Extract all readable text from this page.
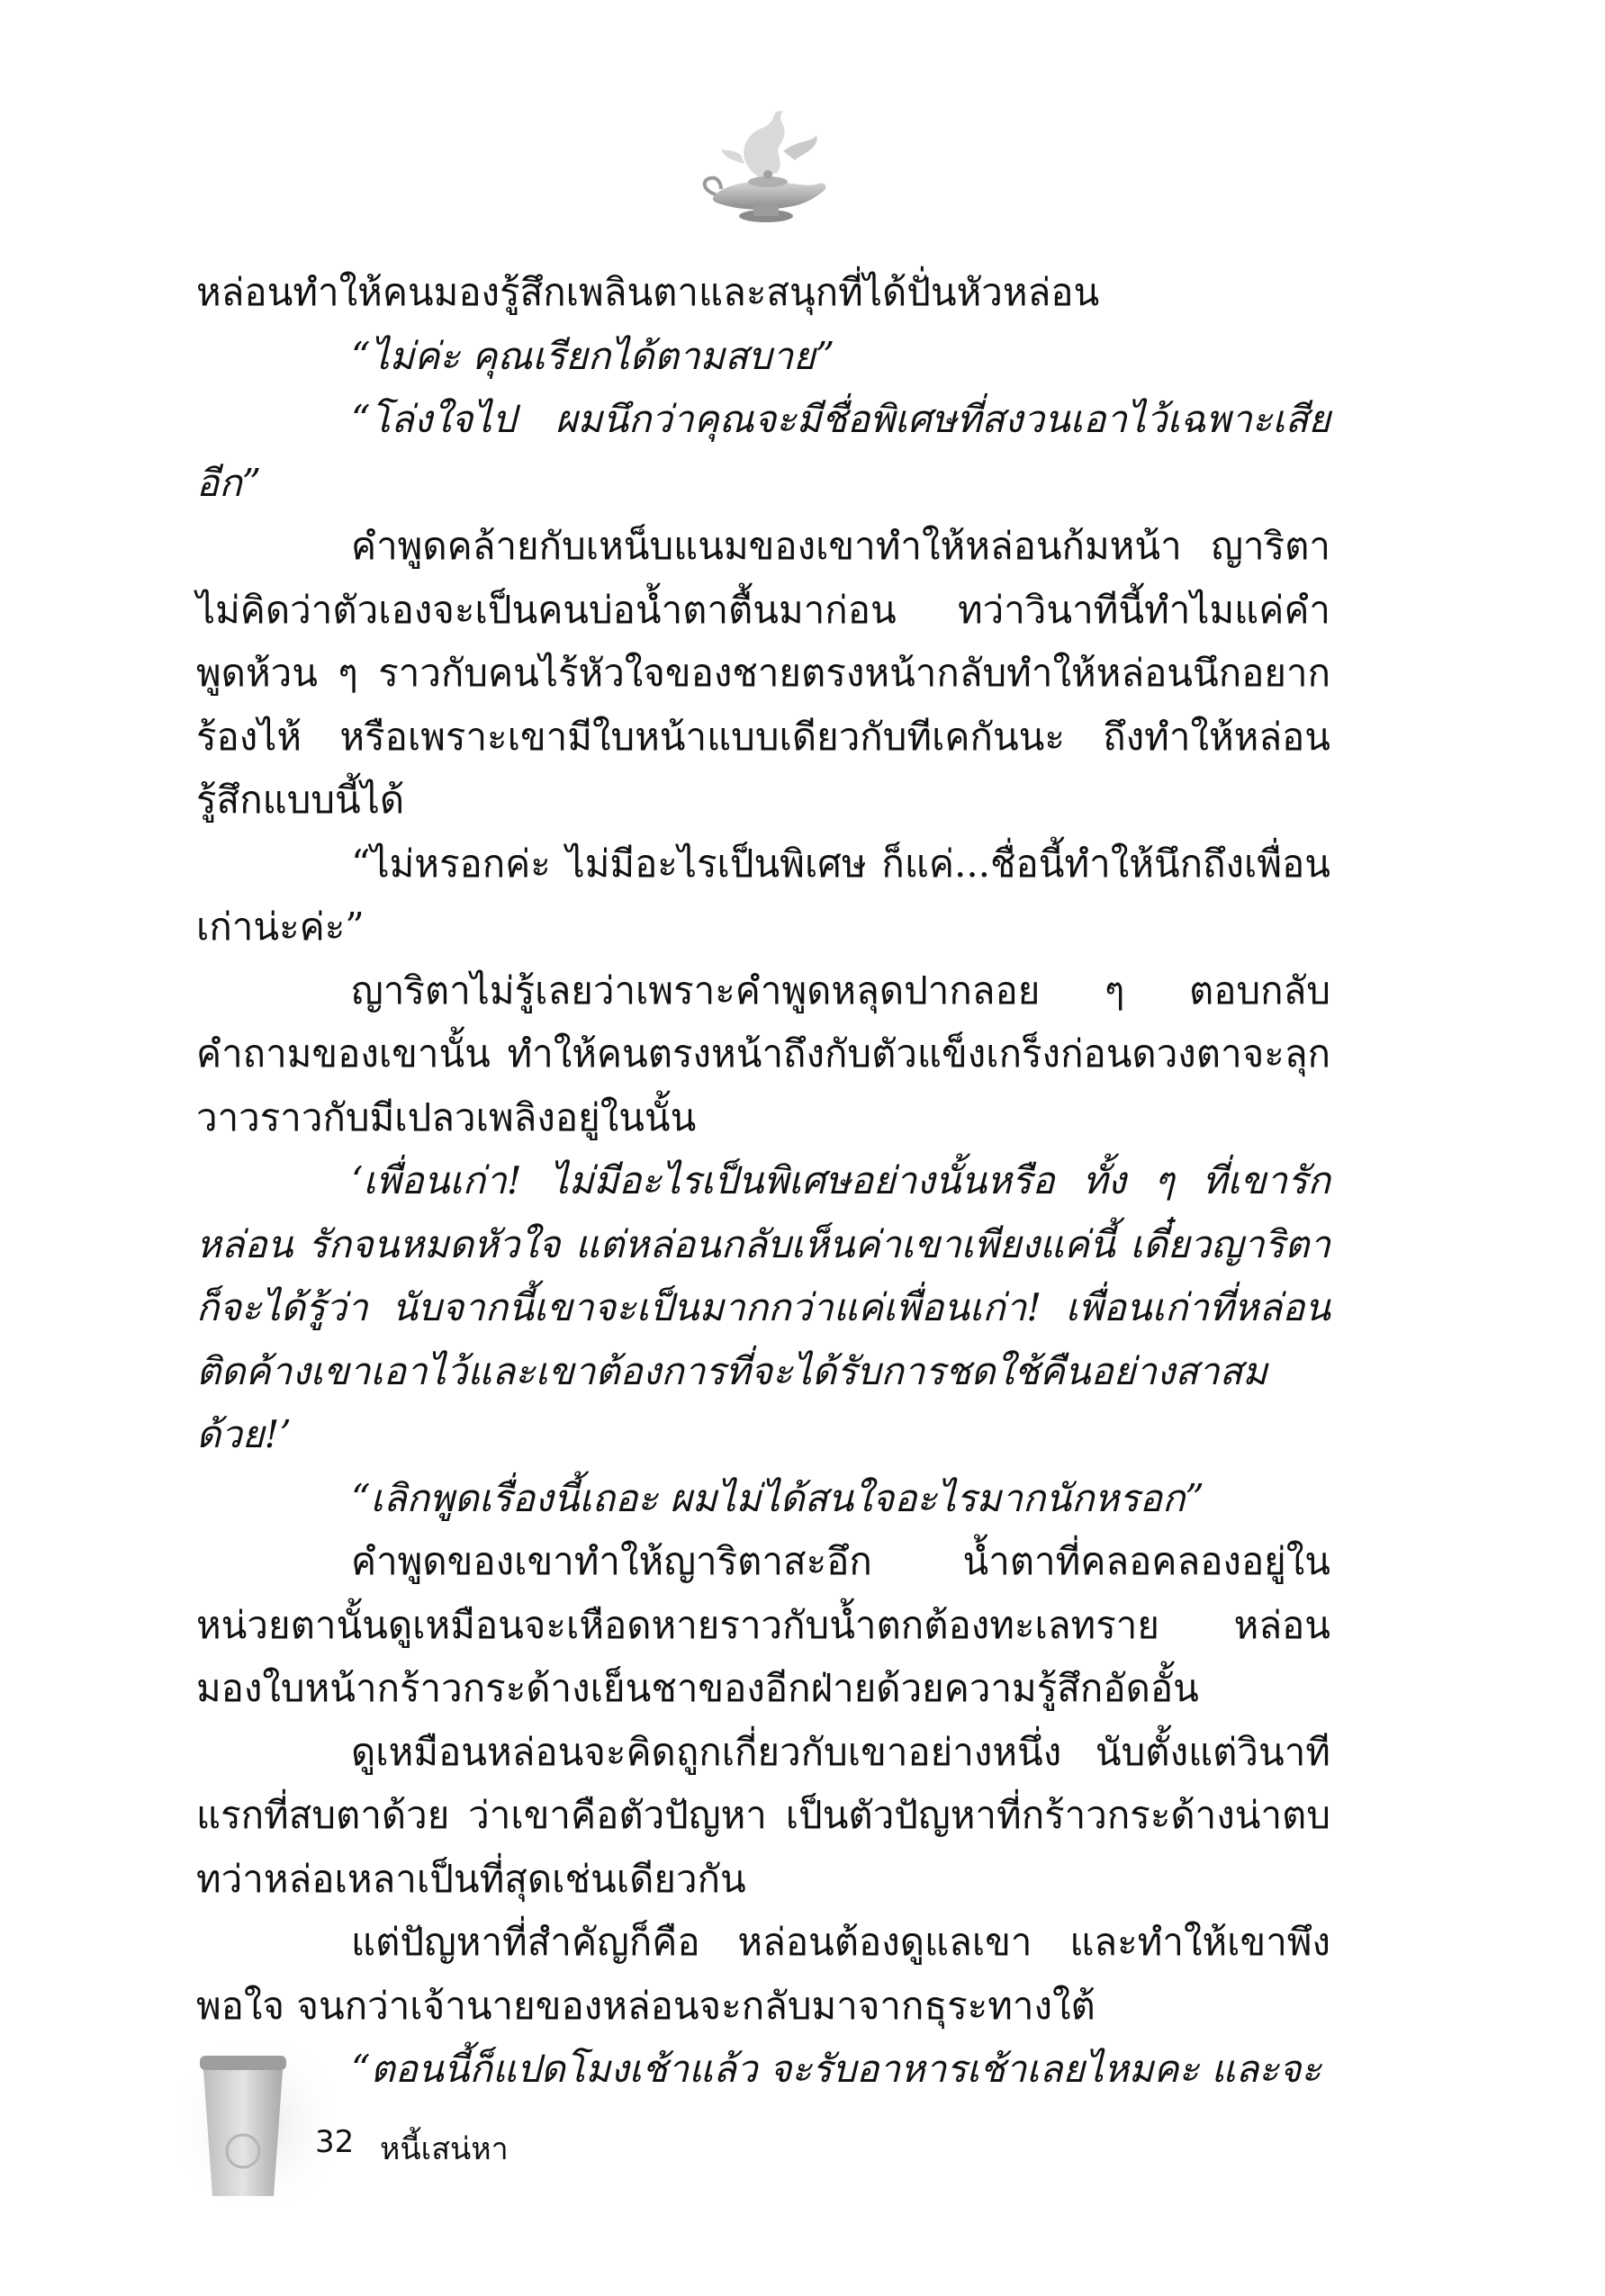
หล่อนทำให้คนมองรู้สึกเพลินตาและสนุกที่ได้ปั่นหัวหล่อน

“ไม่ค่ะ คุณเรียกได้ตามสบาย”

“โล่งใจไป ผมนึกว่าคุณจะมีชื่อพิเศษที่สงวนเอาไว้เฉพาะเสียอีก”

คำพูดคล้ายกับเหน็บแนมของเขาทำให้หล่อนก้มหน้า ญาริตาไม่คิดว่าตัวเองจะเป็นคนบ่อน้ำตาตื้นมาก่อน ทว่าวินาทีนี้ทำไมแค่คำพูดห้วน ๆ ราวกับคนไร้หัวใจของชายตรงหน้ากลับทำให้หล่อนนึกอยากร้องไห้ หรือเพราะเขามีใบหน้าแบบเดียวกับทีเคกันนะ ถึงทำให้หล่อนรู้สึกแบบนี้ได้

“ไม่หรอกค่ะ ไม่มีอะไรเป็นพิเศษ ก็แค่...ชื่อนี้ทำให้นึกถึงเพื่อนเก่าน่ะค่ะ”

ญาริตาไม่รู้เลยว่าเพราะคำพูดหลุดปากลอย ๆ ตอบกลับคำถามของเขานั้น ทำให้คนตรงหน้าถึงกับตัวแข็งเกร็งก่อนดวงตาจะลุกวาวราวกับมีเปลวเพลิงอยู่ในนั้น

‘เพื่อนเก่า! ไม่มีอะไรเป็นพิเศษอย่างนั้นหรือ ทั้ง ๆ ที่เขารักหล่อน รักจนหมดหัวใจ แต่หล่อนกลับเห็นค่าเขาเพียงแค่นี้ เดี๋ยวญาริตาก็จะได้รู้ว่า นับจากนี้เขาจะเป็นมากกว่าแค่เพื่อนเก่า! เพื่อนเก่าที่หล่อนติดค้างเขาเอาไว้และเขาต้องการที่จะได้รับการชดใช้คืนอย่างสาสมด้วย!’

“เลิกพูดเรื่องนี้เถอะ ผมไม่ได้สนใจอะไรมากนักหรอก”

คำพูดของเขาทำให้ญาริตาสะอึก น้ำตาที่คลอคลองอยู่ในหน่วยตานั้นดูเหมือนจะเหือดหายราวกับน้ำตกต้องทะเลทราย หล่อนมองใบหน้ากร้าวกระด้างเย็นชาของอีกฝ่ายด้วยความรู้สึกอัดอั้น

ดูเหมือนหล่อนจะคิดถูกเกี่ยวกับเขาอย่างหนึ่ง นับตั้งแต่วินาทีแรกที่สบตาด้วย ว่าเขาคือตัวปัญหา เป็นตัวปัญหาที่กร้าวกระด้างน่าตบ ทว่าหล่อเหลาเป็นที่สุดเช่นเดียวกัน

แต่ปัญหาที่สำคัญก็คือ หล่อนต้องดูแลเขา และทำให้เขาพึงพอใจ จนกว่าเจ้านายของหล่อนจะกลับมาจากธุระทางใต้

“ตอนนี้ก็แปดโมงเช้าแล้ว จะรับอาหารเช้าเลยไหมคะ และจะ

32 หนี้เสน่หา
